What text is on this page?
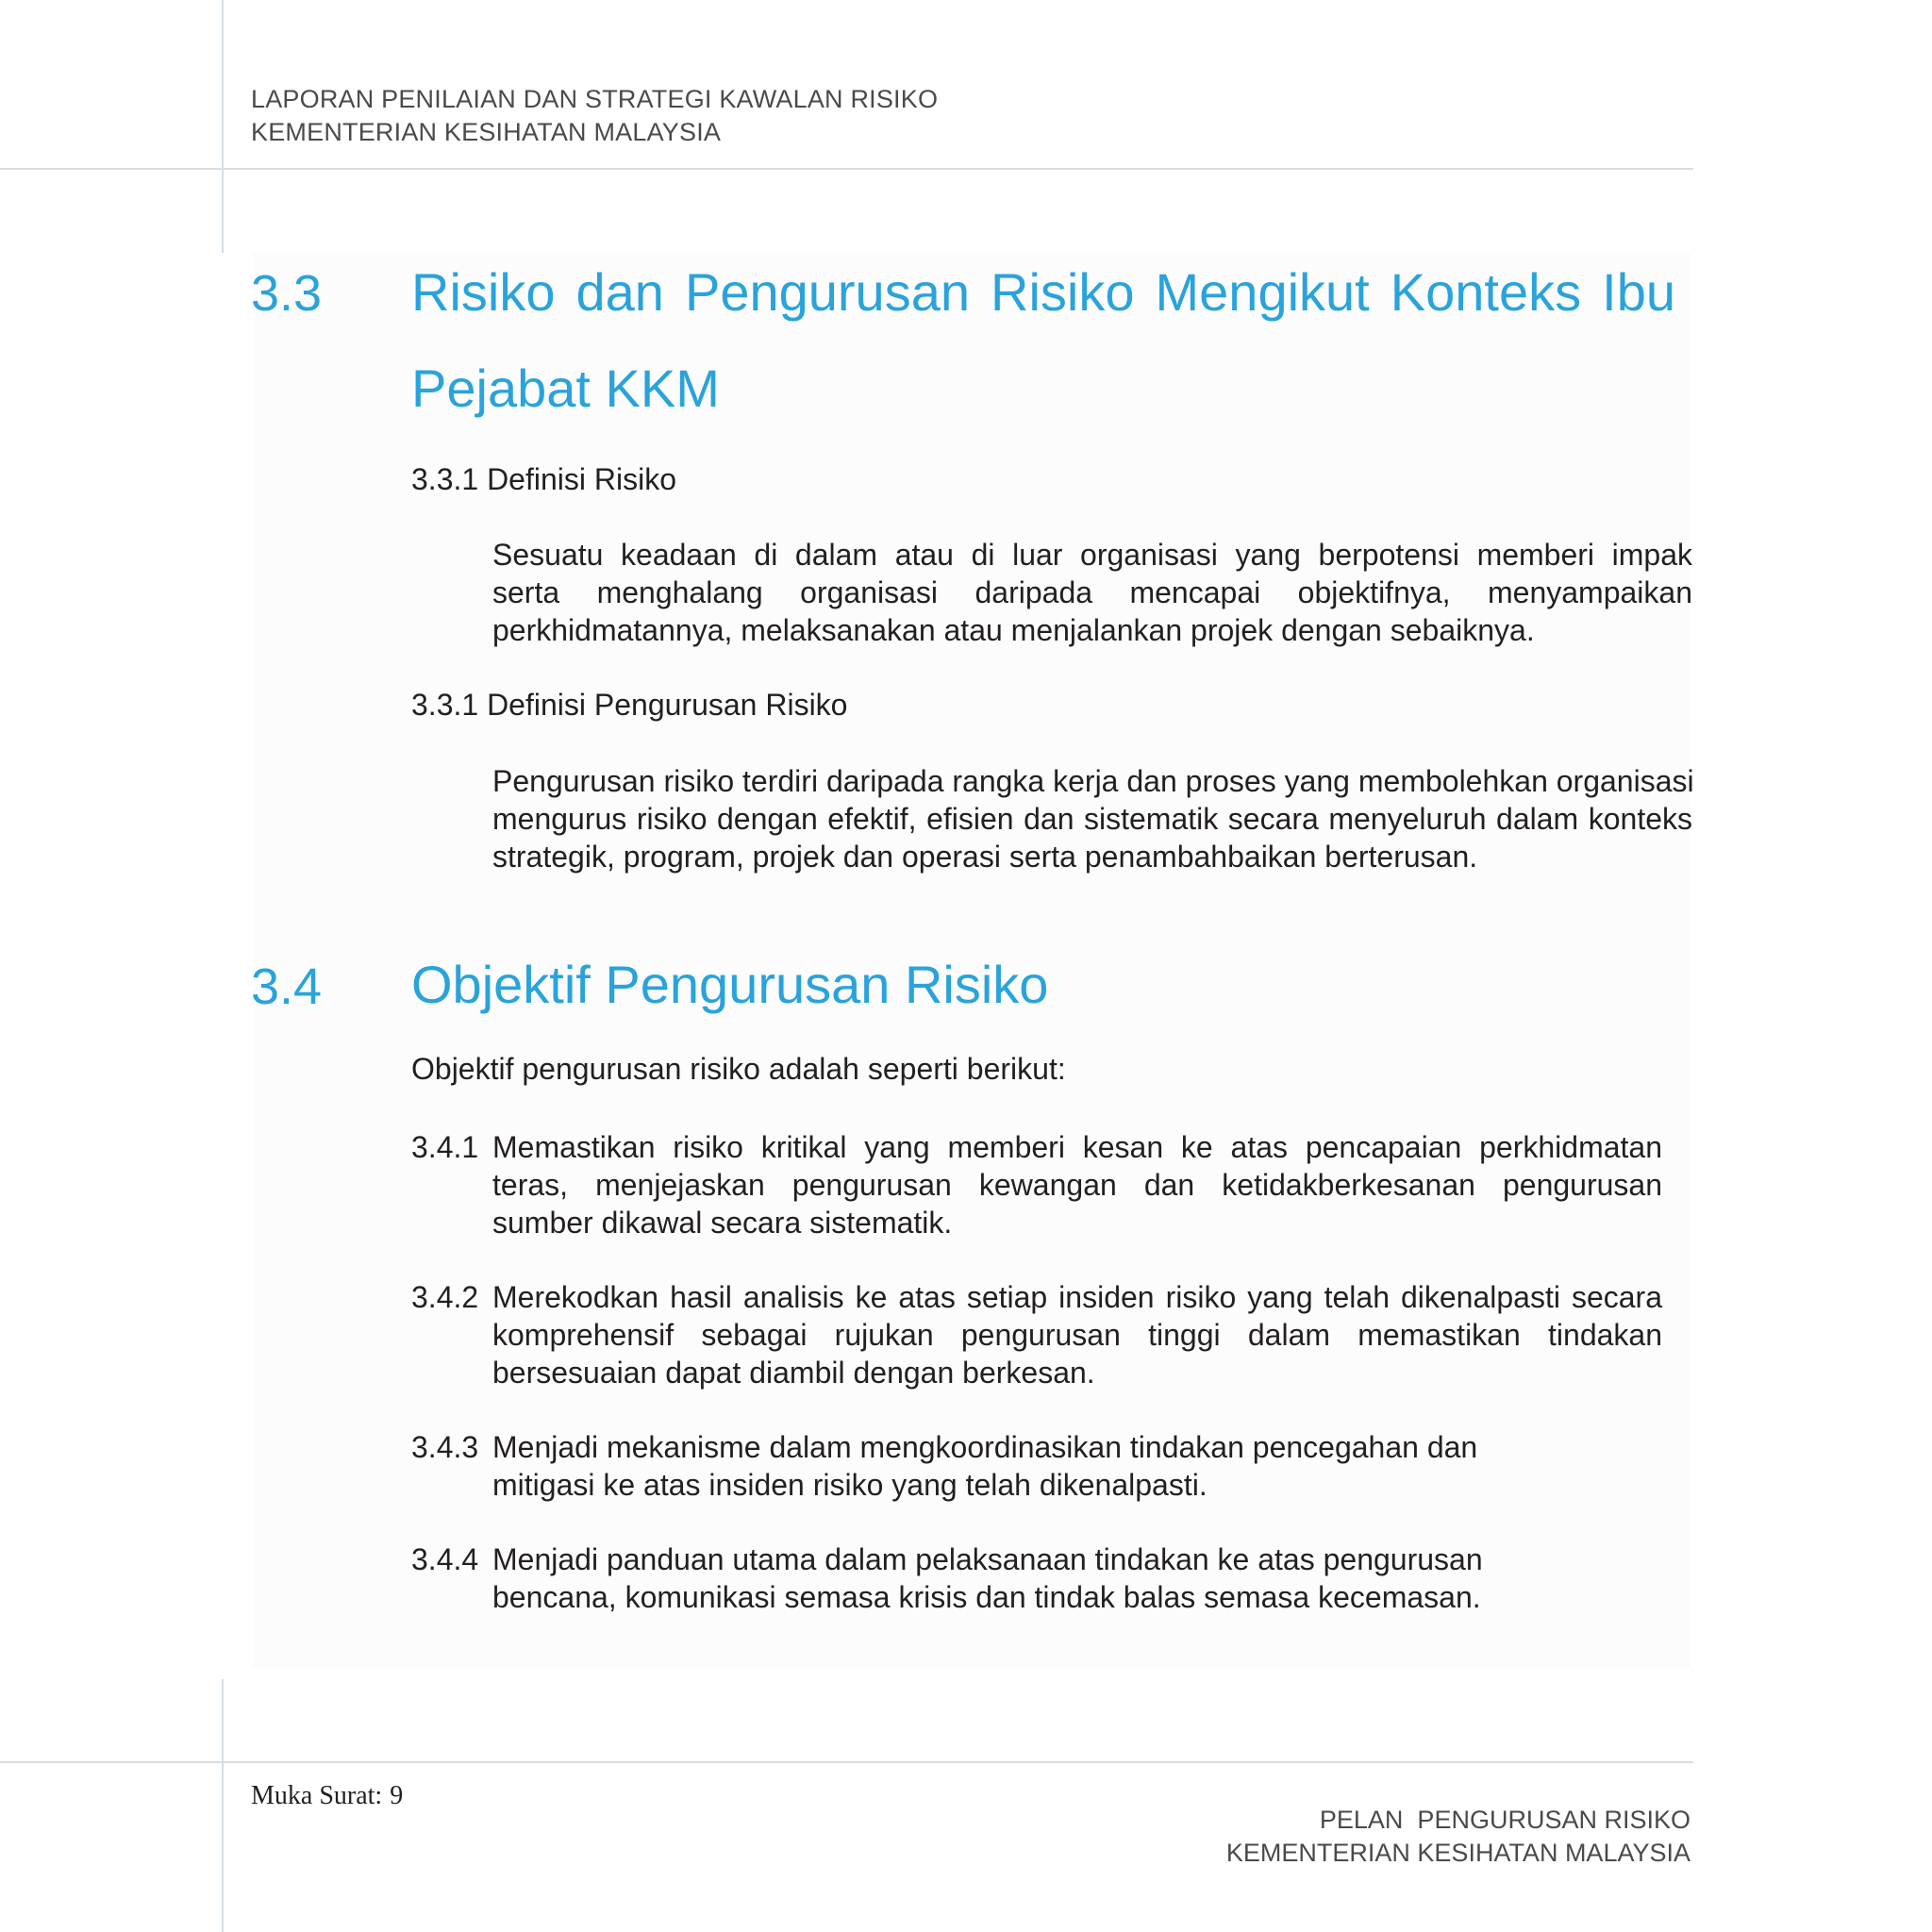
LAPORAN PENILAIAN DAN STRATEGI KAWALAN RISIKO
KEMENTERIAN KESIHATAN MALAYSIA
3.3 Risiko dan Pengurusan Risiko Mengikut Konteks Ibu
Pejabat KKM
3.3.1 Definisi Risiko
Sesuatu keadaan di dalam atau di luar organisasi yang berpotensi memberi impak
serta menghalang organisasi daripada mencapai objektifnya, menyampaikan
perkhidmatannya, melaksanakan atau menjalankan projek dengan sebaiknya.
3.3.1 Definisi Pengurusan Risiko
Pengurusan risiko terdiri daripada rangka kerja dan proses yang membolehkan organisasi
mengurus risiko dengan efektif, efisien dan sistematik secara menyeluruh dalam konteks
strategik, program, projek dan operasi serta penambahbaikan berterusan.
3.4 Objektif Pengurusan Risiko
Objektif pengurusan risiko adalah seperti berikut:
3.4.1 Memastikan risiko kritikal yang memberi kesan ke atas pencapaian perkhidmatan
teras, menjejaskan pengurusan kewangan dan ketidakberkesanan pengurusan
sumber dikawal secara sistematik.
3.4.2 Merekodkan hasil analisis ke atas setiap insiden risiko yang telah dikenalpasti secara
komprehensif sebagai rujukan pengurusan tinggi dalam memastikan tindakan
bersesuaian dapat diambil dengan berkesan.
3.4.3 Menjadi mekanisme dalam mengkoordinasikan tindakan pencegahan dan
mitigasi ke atas insiden risiko yang telah dikenalpasti.
3.4.4 Menjadi panduan utama dalam pelaksanaan tindakan ke atas pengurusan
bencana, komunikasi semasa krisis dan tindak balas semasa kecemasan.
Muka Surat: 9
PELAN  PENGURUSAN RISIKO
KEMENTERIAN KESIHATAN MALAYSIA
